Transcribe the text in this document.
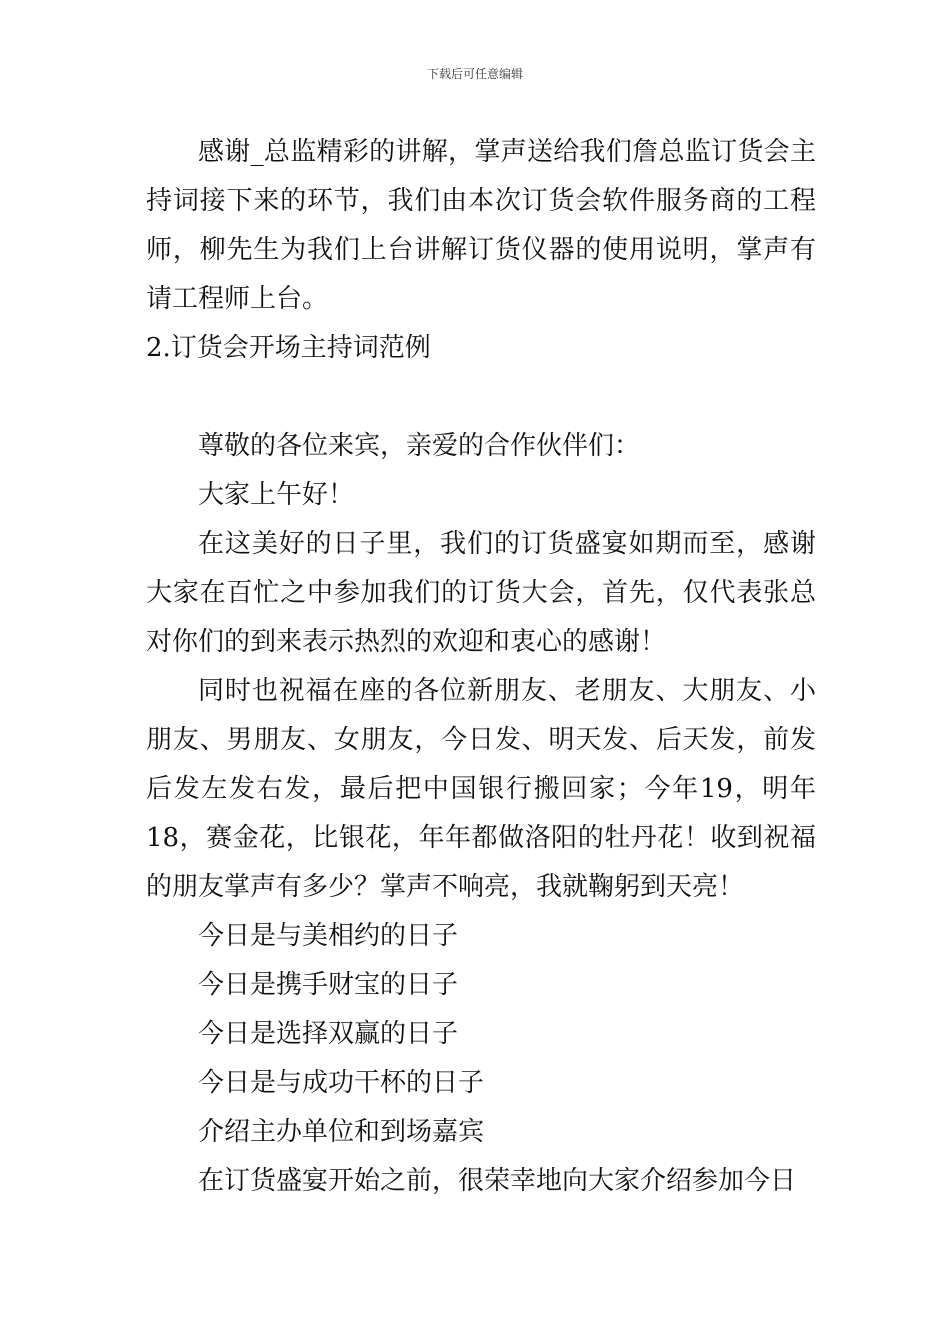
下载后可任意编辑

感谢_总监精彩的讲解，掌声送给我们詹总监订货会主持词接下来的环节，我们由本次订货会软件服务商的工程师，柳先生为我们上台讲解订货仪器的使用说明，掌声有请工程师上台。

2.订货会开场主持词范例

尊敬的各位来宾，亲爱的合作伙伴们：

大家上午好！

在这美好的日子里，我们的订货盛宴如期而至，感谢大家在百忙之中参加我们的订货大会，首先，仅代表张总对你们的到来表示热烈的欢迎和衷心的感谢！

同时也祝福在座的各位新朋友、老朋友、大朋友、小朋友、男朋友、女朋友，今日发、明天发、后天发，前发后发左发右发，最后把中国银行搬回家；今年19，明年18，赛金花，比银花，年年都做洛阳的牡丹花！收到祝福的朋友掌声有多少？掌声不响亮，我就鞠躬到天亮！

今日是与美相约的日子

今日是携手财宝的日子

今日是选择双赢的日子

今日是与成功干杯的日子

介绍主办单位和到场嘉宾

在订货盛宴开始之前，很荣幸地向大家介绍参加今日
